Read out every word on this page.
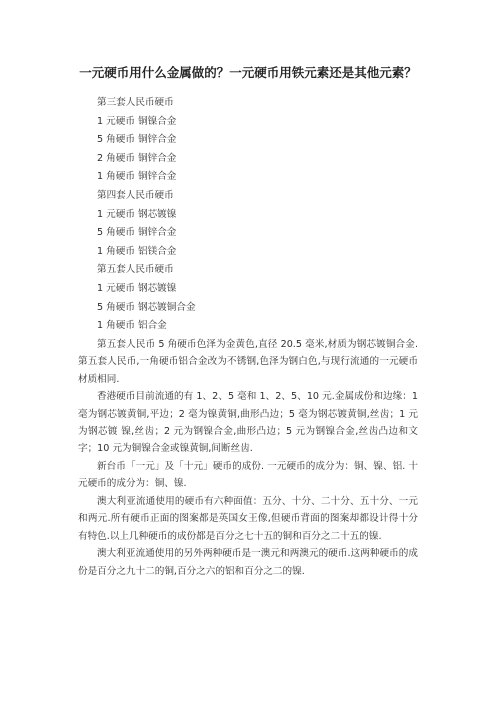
一元硬币用什么金属做的？一元硬币用铁元素还是其他元素？
第三套人民币硬币
1 元硬币 铜镍合金
5 角硬币 铜锌合金
2 角硬币 铜锌合金
1 角硬币 铜锌合金
第四套人民币硬币
1 元硬币 钢芯镀镍
5 角硬币 铜锌合金
1 角硬币 铝镁合金
第五套人民币硬币
1 元硬币 钢芯镀镍
5 角硬币 钢芯镀铜合金
1 角硬币 铝合金

第五套人民币 5 角硬币色泽为金黄色,直径 20.5 毫米,材质为钢芯镀铜合金.第五套人民币,一角硬币铝合金改为不锈钢,色泽为钢白色,与现行流通的一元硬币材质相同.

香港硬币目前流通的有 1、2、5 毫和 1、2、5、10 元.金属成份和边缘：1 毫为钢芯镀黄铜,平边；2 毫为镍黄铜,曲形凸边；5 毫为钢芯镀黄铜,丝齿；1 元为钢芯镀 镍,丝齿；2 元为钢镍合金,曲形凸边；5 元为钢镍合金,丝齿凸边和文字；10 元为铜镍合金或镍黄铜,间断丝齿.

新台币「一元」及「十元」硬币的成份. 一元硬币的成分为：铜、镍、铝. 十元硬币的成分为：铜、镍.

澳大利亚流通使用的硬币有六种面值：五分、十分、二十分、五十分、一元和两元.所有硬币正面的图案都是英国女王像,但硬币背面的图案却都设计得十分有特色.以上几种硬币的成份都是百分之七十五的铜和百分之二十五的镍.

澳大利亚流通使用的另外两种硬币是一澳元和两澳元的硬币.这两种硬币的成份是百分之九十二的铜,百分之六的铝和百分之二的镍.
